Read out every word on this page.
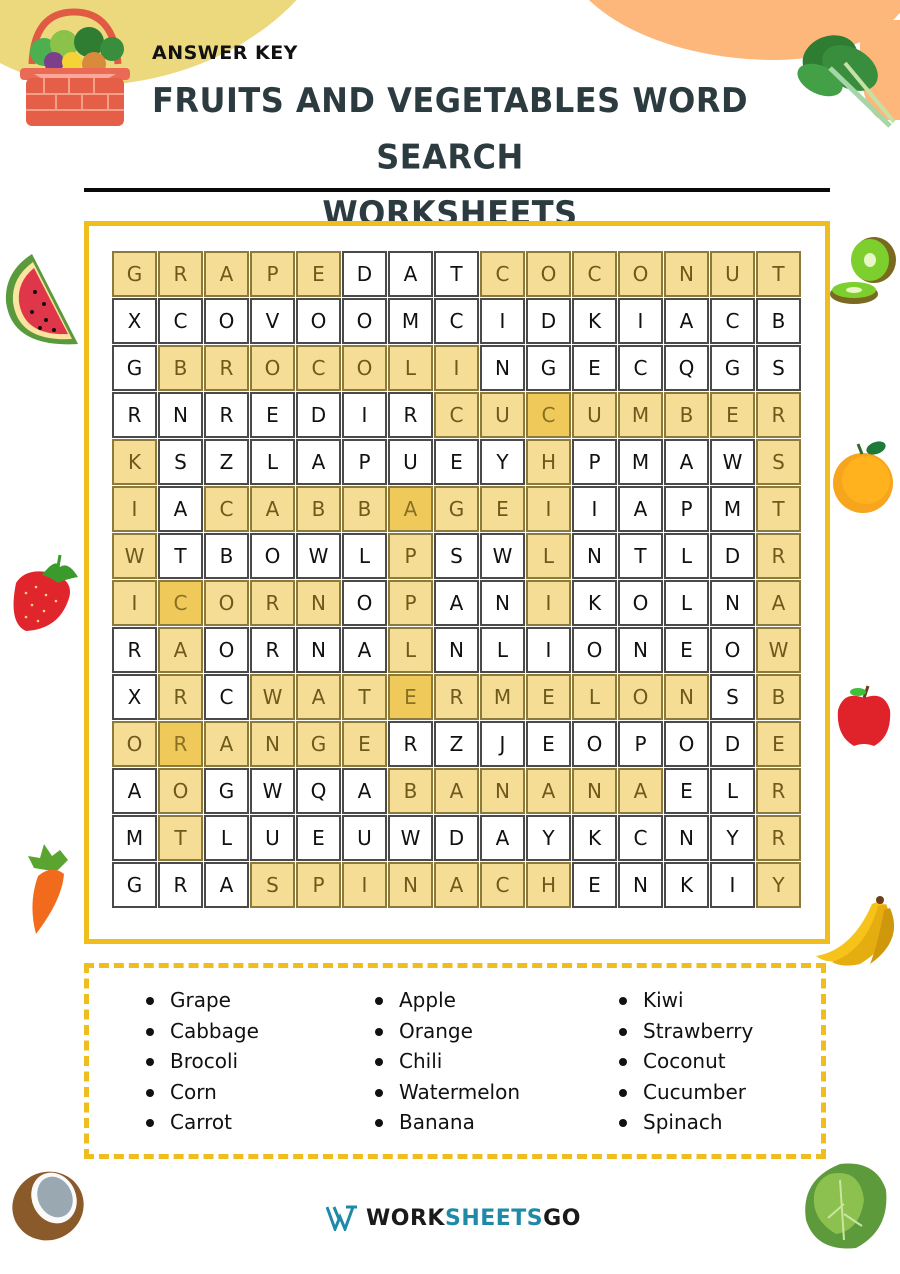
ANSWER KEY
FRUITS AND VEGETABLES WORD SEARCH
WORKSHEETS
G	R	A	P	E	D	A	T	C	O	C	O	N	U	T
X	C	O	V	O	O	M	C	I	D	K	I	A	C	B
G	B	R	O	C	O	L	I	N	G	E	C	Q	G	S
R	N	R	E	D	I	R	C	U	C	U	M	B	E	R
K	S	Z	L	A	P	U	E	Y	H	P	M	A	W	S
I	A	C	A	B	B	A	G	E	I	I	A	P	M	T
W	T	B	O	W	L	P	S	W	L	N	T	L	D	R
I	C	O	R	N	O	P	A	N	I	K	O	L	N	A
R	A	O	R	N	A	L	N	L	I	O	N	E	O	W
X	R	C	W	A	T	E	R	M	E	L	O	N	S	B
O	R	A	N	G	E	R	Z	J	E	O	P	O	D	E
A	O	G	W	Q	A	B	A	N	A	N	A	E	L	R
M	T	L	U	E	U	W	D	A	Y	K	C	N	Y	R
G	R	A	S	P	I	N	A	C	H	E	N	K	I	Y
Grape
Cabbage
Brocoli
Corn
Carrot
Apple
Orange
Chili
Watermelon
Banana
Kiwi
Strawberry
Coconut
Cucumber
Spinach
WORKSHEETSGO
